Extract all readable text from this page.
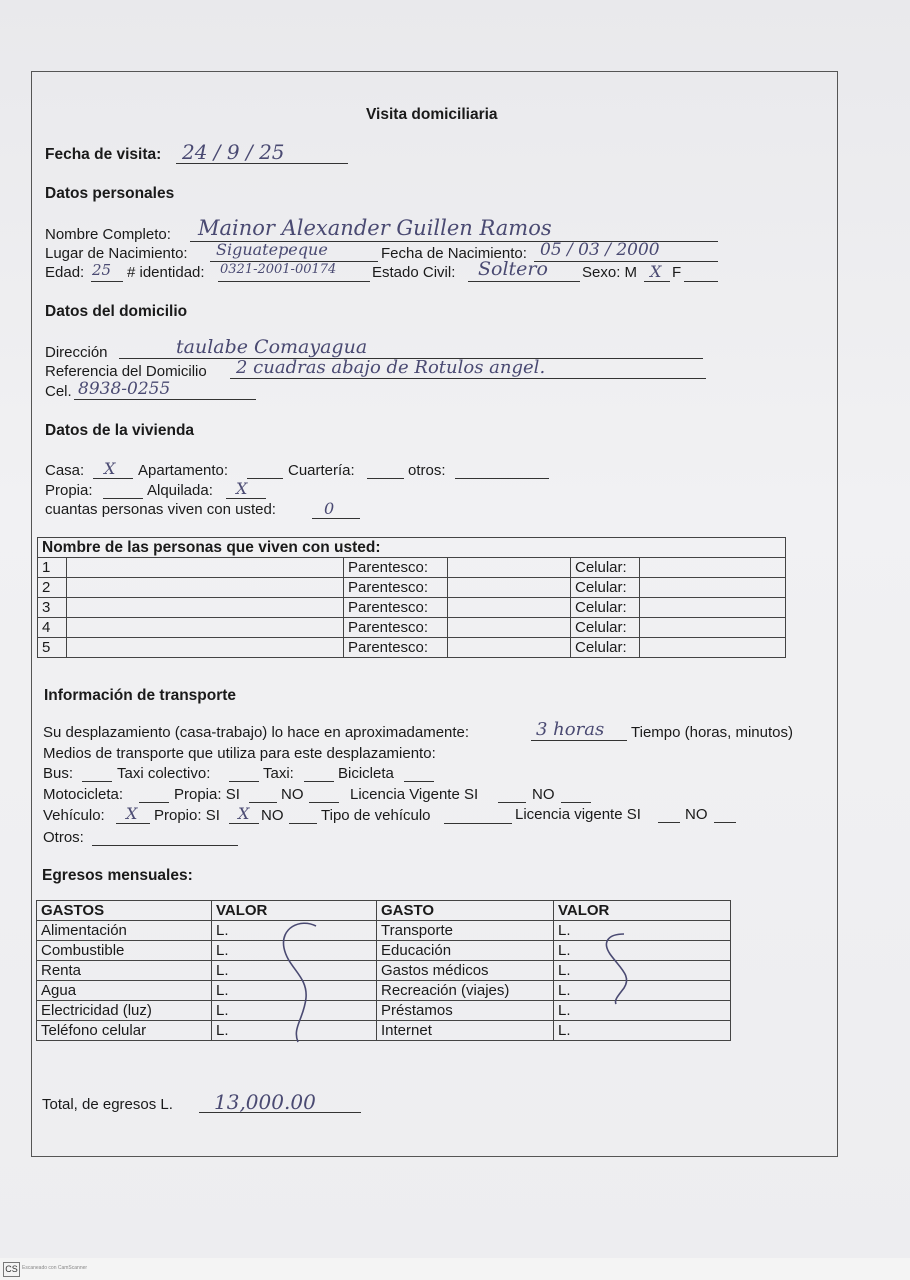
Visita domiciliaria
Fecha de visita: 24 / 9 / 25
Datos personales
Nombre Completo: Mainor Alexander Guillen Ramos
Lugar de Nacimiento: Siguatepeque	Fecha de Nacimiento: 05 / 03 / 2000
Edad: 25 # identidad: 0321-2001-00174 Estado Civil: Soltero Sexo: M X F
Datos del domicilio
Dirección	taulabe Comayagua
Referencia del Domicilio 2 cuadras abajo de Rotulos angel.
Cel. 8938-0255
Datos de la vivienda
Casa: X Apartamento:	Cuartería:	otros:
Propia:	Alquilada: X
cuantas personas viven con usted:	0
Nombre de las personas que viven con usted:				
1		Parentesco:		Celular:
2		Parentesco:		Celular:
3		Parentesco:		Celular:
4		Parentesco:		Celular:
5		Parentesco:		Celular:
Información de transporte
Su desplazamiento (casa-trabajo) lo hace en aproximadamente:	3 horas Tiempo (horas, minutos)
Medios de transporte que utiliza para este desplazamiento:
Bus:	Taxi colectivo:	Taxi:	Bicicleta
Motocicleta:	Propia: SI	NO	Licencia Vigente SI	NO
Vehículo: X Propio: SI X NO	Tipo de vehículo	Licencia vigente SI	NO
Otros:
Egresos mensuales:
GASTOS	VALOR	GASTO	VALOR
Alimentación	L.	Transporte	L.
Combustible	L.	Educación	L.
Renta	L.	Gastos médicos	L.
Agua	L.	Recreación (viajes)	L.
Electricidad (luz)	L.	Préstamos	L.
Teléfono celular	L.	Internet	L.
Total, de egresos L. 13,000.00
CS Escaneado con CamScanner
